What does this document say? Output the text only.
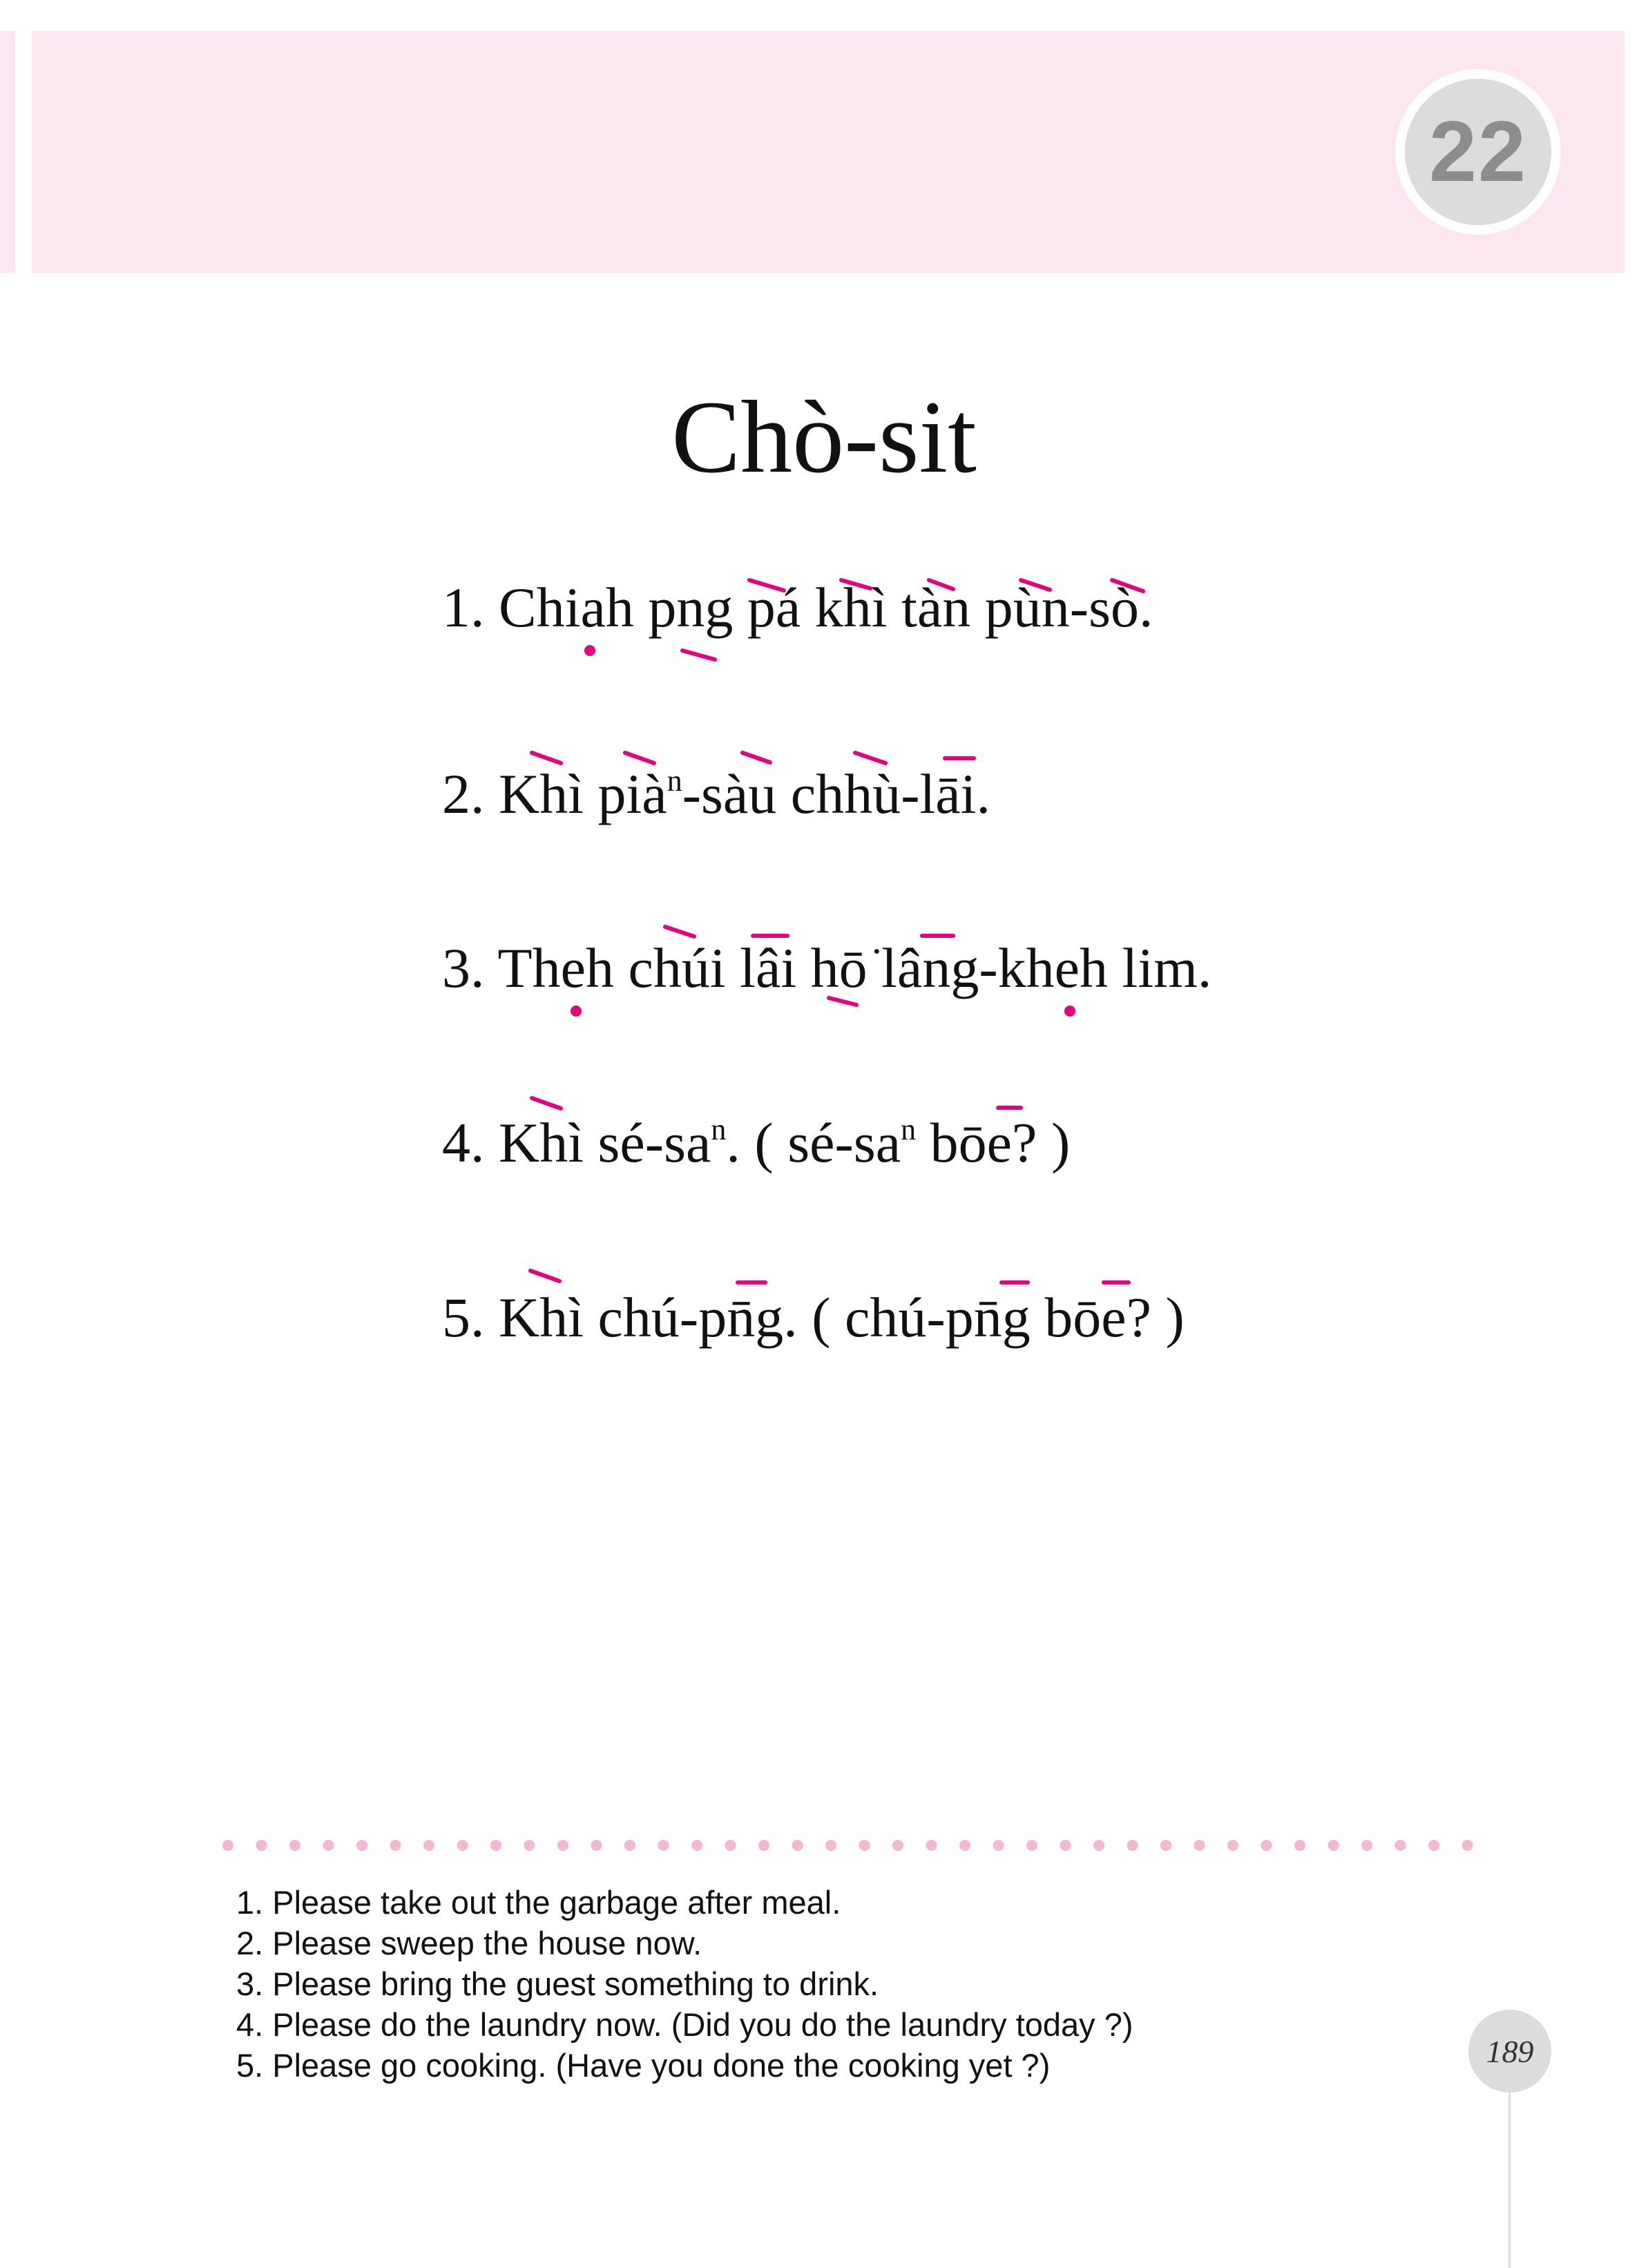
22
Chò-sit
1. Chiah p
ng pá khì tàn pùn-sò.
2. Khì pià$^n$-sàu chhù-lāi.
3. Theh chúi lâi hō͘ lâng-kh
eh lim.
4. Khì $sé-sa^n$. ( $sé-sa^n$ bōe? )
5. Khì chú-pn̄g. ( chú-pn̄g bōe? )
1. Please take out the garbage after meal.
2. Please sweep the house now.
3. Please bring the guest something to drink.
4. Please do the laundry now. (Did you do the laundry today ?)
5. Please go cooking. (Have you done the cooking yet ?)	189
